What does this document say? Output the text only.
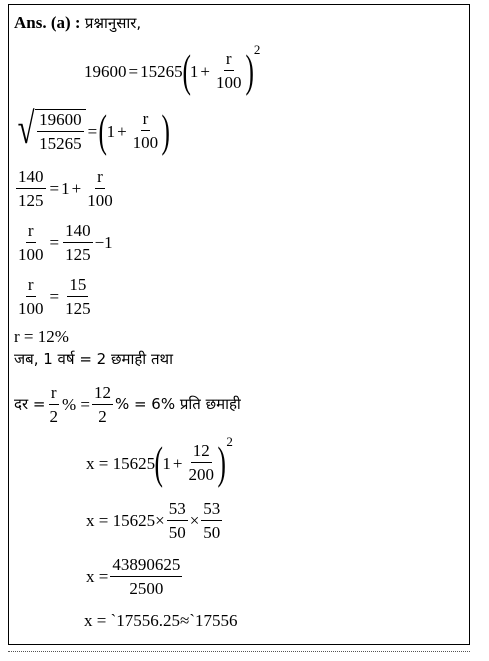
Ans. (a) : प्रश्नानुसार,
19600 = 15265 ( $1 + \frac{r}{100}$ ) 2
√ $\frac{19600}{15265}$ = ( $1 + \frac{r}{100}$ )
$\frac{140}{125} = 1 + \frac{r}{100}$
$\frac{r}{100} = \frac{140}{125} -1$
$\frac{r}{100} = \frac{15}{125}$
r = 12%
जब, 1 वर्ष = 2 छमाही तथा
दर = $\frac{r}{2}$ % = $\frac{12}{2}$ % = 6% प्रति छमाही
x = 15625 ( $1 + \frac{12}{200}$ ) 2
$x = 15625\times \frac{53}{50} \times \frac{53}{50}$
$x = \frac{43890625}{2500}$
x = `17556.25≈`17556
